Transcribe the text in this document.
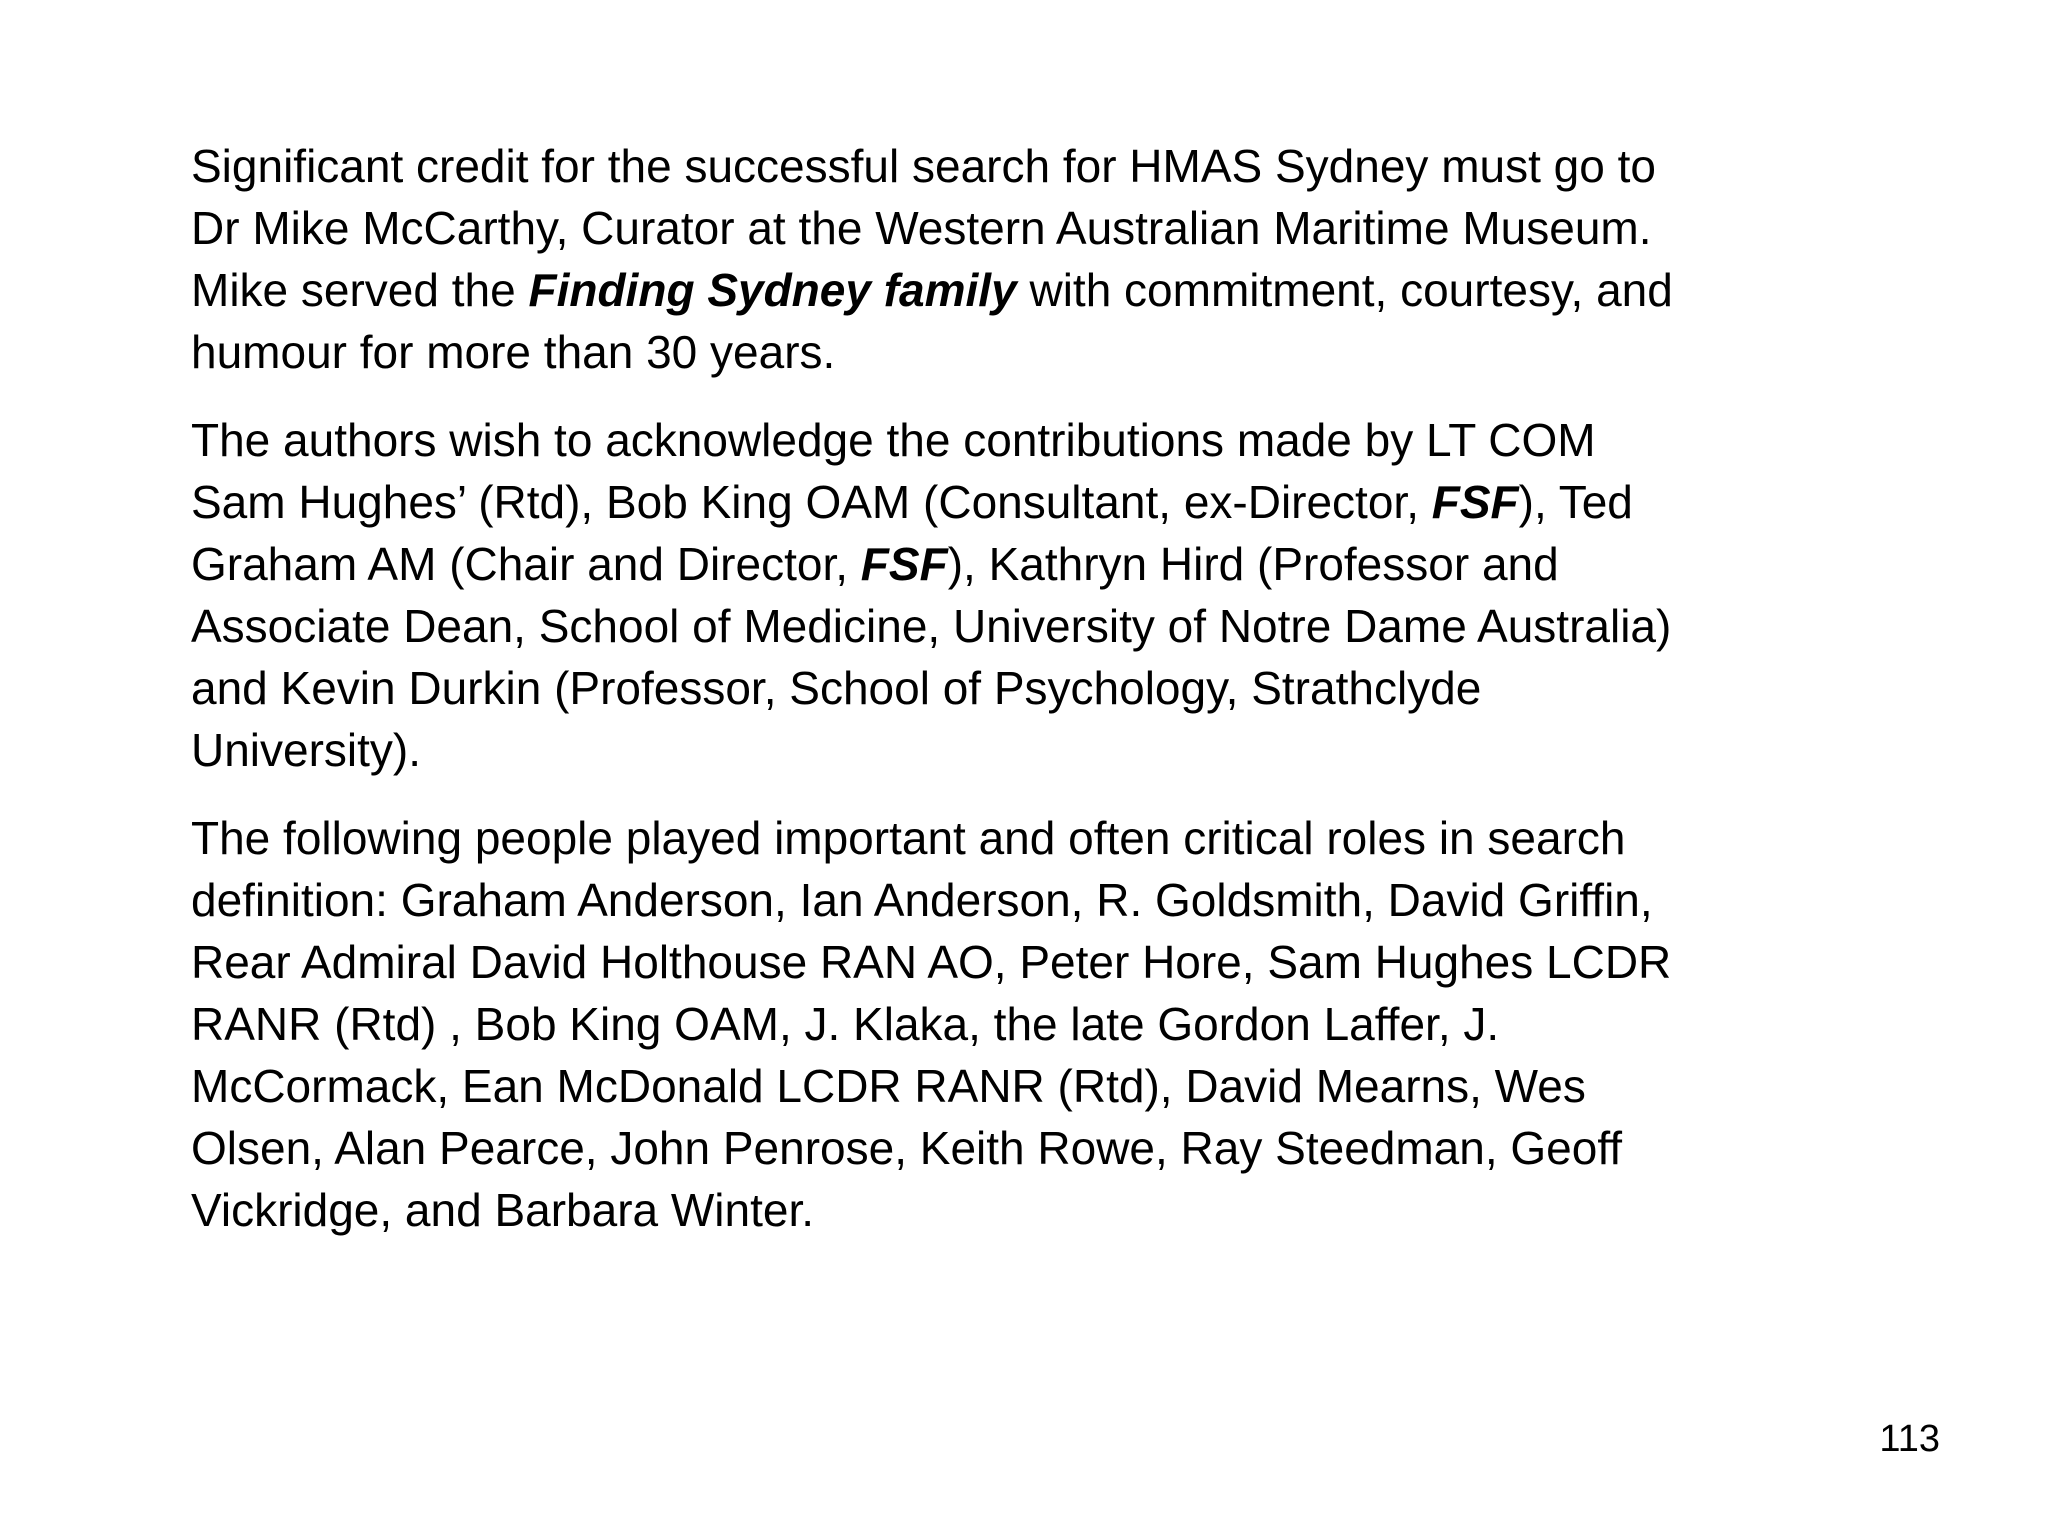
Significant credit for the successful search for HMAS Sydney must go to
Dr Mike McCarthy, Curator at the Western Australian Maritime Museum.
Mike served the Finding Sydney family with commitment, courtesy, and
humour for more than 30 years.

The authors wish to acknowledge the contributions made by LT COM
Sam Hughes’ (Rtd), Bob King OAM (Consultant, ex-Director, FSF), Ted
Graham AM (Chair and Director, FSF), Kathryn Hird (Professor and
Associate Dean, School of Medicine, University of Notre Dame Australia)
and Kevin Durkin (Professor, School of Psychology, Strathclyde
University).

The following people played important and often critical roles in search
definition: Graham Anderson, Ian Anderson, R. Goldsmith, David Griffin,
Rear Admiral David Holthouse RAN AO, Peter Hore, Sam Hughes LCDR
RANR (Rtd) , Bob King OAM, J. Klaka, the late Gordon Laffer, J.
McCormack, Ean McDonald LCDR RANR (Rtd), David Mearns, Wes
Olsen, Alan Pearce, John Penrose, Keith Rowe, Ray Steedman, Geoff
Vickridge, and Barbara Winter.

113
